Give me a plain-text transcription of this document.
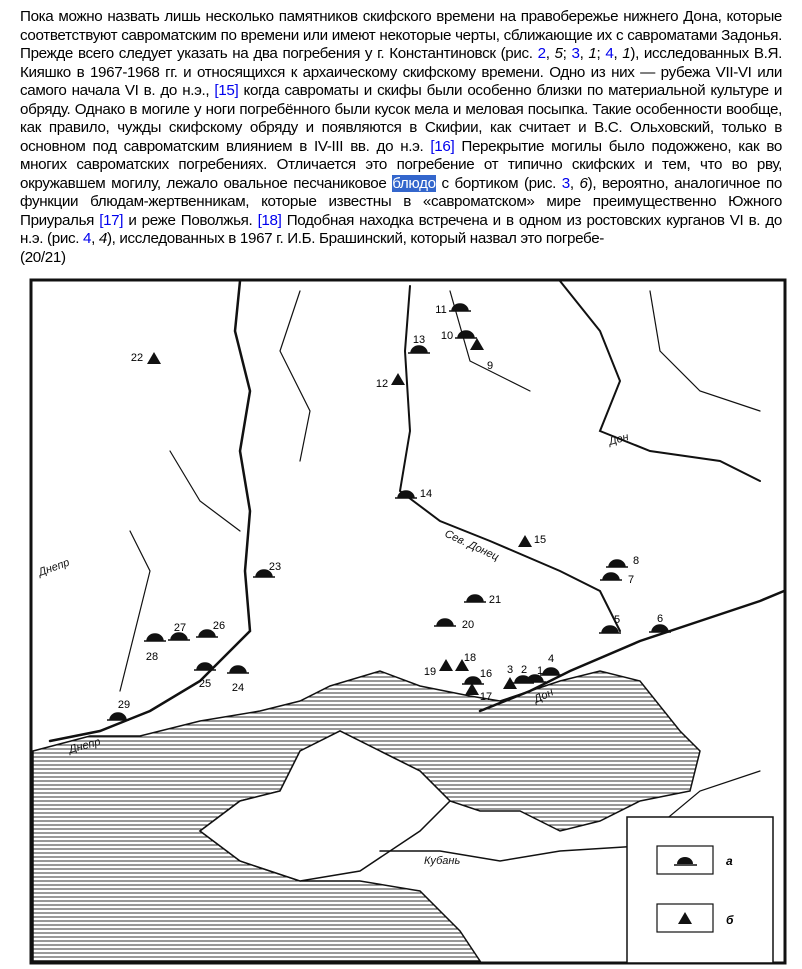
Пока можно назвать лишь несколько памятников скифского времени на правобережье нижнего Дона, которые соответствуют савроматским по времени или имеют некоторые черты, сближающие их с савроматами Задонья. Прежде всего следует указать на два погребения у г. Константиновск (рис. 2, 5; 3, 1; 4, 1), исследованных В.Я. Кияшко в 1967-1968 гг. и относящихся к архаическому скифскому времени. Одно из них — рубежа VII-VI или самого начала VI в. до н.э., [15] когда савроматы и скифы были особенно близки по материальной культуре и обряду. Однако в могиле у ноги погребённого были кусок мела и меловая посыпка. Такие особенности вообще, как правило, чужды скифскому обряду и появляются в Скифии, как считает и В.С. Ольховский, только в основном под савроматским влиянием в IV-III вв. до н.э. [16] Перекрытие могилы было подожжено, как во многих савроматских погребениях. Отличается это погребение от типично скифских и тем, что во рву, окружавшем могилу, лежало овальное песчаниковое блюдо с бортиком (рис. 3, 6), вероятно, аналогичное по функции блюдам-жертвенникам, которые известны в «савроматском» мире преимущественно Южного Приуралья [17] и реже Поволжья. [18] Подобная находка встречена и в одном из ростовских курганов VI в. до н.э. (рис. 4, 4), исследованных в 1967 г. И.Б. Брашинский, который назвал это погребе-
(20/21)
Днепр
Днепр
Дон
Дон
Сев. Донец
Кубань
1
2
3
4
5	6
7
8
9
10
11
12
13
14
15
16
17
18
19
20
21
22
23
24
25
26
27
28
29
а
б
